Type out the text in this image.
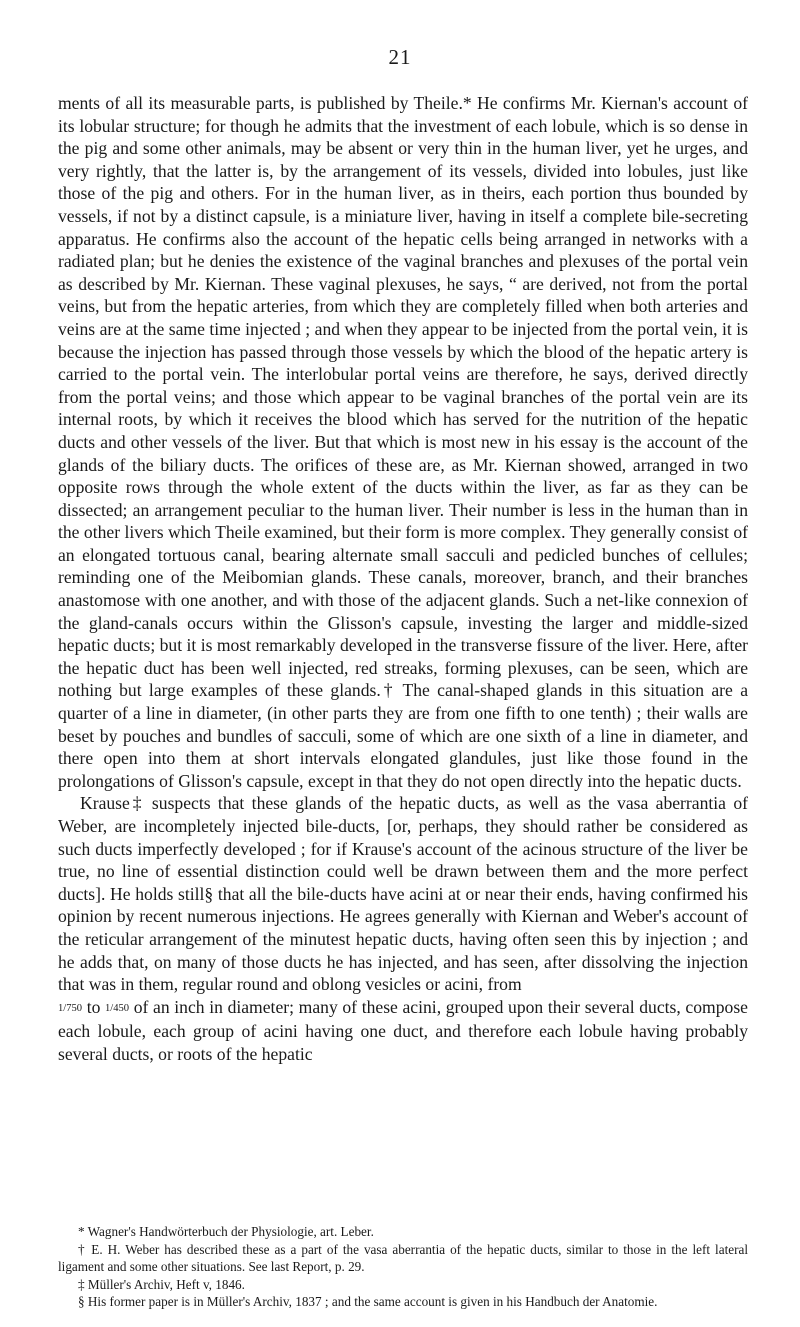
21

ments of all its measurable parts, is published by Theile.* He confirms Mr. Kiernan's account of its lobular structure; for though he admits that the investment of each lobule, which is so dense in the pig and some other animals, may be absent or very thin in the human liver, yet he urges, and very rightly, that the latter is, by the arrangement of its vessels, divided into lobules, just like those of the pig and others. For in the human liver, as in theirs, each portion thus bounded by vessels, if not by a distinct capsule, is a miniature liver, having in itself a complete bile-secreting apparatus. He confirms also the account of the hepatic cells being arranged in networks with a radiated plan; but he denies the existence of the vaginal branches and plexuses of the portal vein as described by Mr. Kiernan. These vaginal plexuses, he says, “ are derived, not from the portal veins, but from the hepatic arteries, from which they are completely filled when both arteries and veins are at the same time injected ; and when they appear to be injected from the portal vein, it is because the injection has passed through those vessels by which the blood of the hepatic artery is carried to the portal vein. The interlobular portal veins are therefore, he says, derived directly from the portal veins; and those which appear to be vaginal branches of the portal vein are its internal roots, by which it receives the blood which has served for the nutrition of the hepatic ducts and other vessels of the liver. But that which is most new in his essay is the account of the glands of the biliary ducts. The orifices of these are, as Mr. Kiernan showed, arranged in two opposite rows through the whole extent of the ducts within the liver, as far as they can be dissected; an arrangement peculiar to the human liver. Their number is less in the human than in the other livers which Theile examined, but their form is more complex. They generally consist of an elongated tortuous canal, bearing alternate small sacculi and pedicled bunches of cellules; reminding one of the Meibomian glands. These canals, moreover, branch, and their branches anastomose with one another, and with those of the adjacent glands. Such a net-like connexion of the gland-canals occurs within the Glisson's capsule, investing the larger and middle-sized hepatic ducts; but it is most remarkably developed in the transverse fissure of the liver. Here, after the hepatic duct has been well injected, red streaks, forming plexuses, can be seen, which are nothing but large examples of these glands.† The canal-shaped glands in this situation are a quarter of a line in diameter, (in other parts they are from one fifth to one tenth) ; their walls are beset by pouches and bundles of sacculi, some of which are one sixth of a line in diameter, and there open into them at short intervals elongated glandules, just like those found in the prolongations of Glisson's capsule, except in that they do not open directly into the hepatic ducts.

Krause‡ suspects that these glands of the hepatic ducts, as well as the vasa aberrantia of Weber, are incompletely injected bile-ducts, [or, perhaps, they should rather be considered as such ducts imperfectly developed ; for if Krause's account of the acinous structure of the liver be true, no line of essential distinction could well be drawn between them and the more perfect ducts]. He holds still§ that all the bile-ducts have acini at or near their ends, having confirmed his opinion by recent numerous injections. He agrees generally with Kiernan and Weber's account of the reticular arrangement of the minutest hepatic ducts, having often seen this by injection ; and he adds that, on many of those ducts he has injected, and has seen, after dissolving the injection that was in them, regular round and oblong vesicles or acini, from

1/750 to 1/450 of an inch in diameter; many of these acini, grouped upon their several ducts, compose each lobule, each group of acini having one duct, and therefore each lobule having probably several ducts, or roots of the hepatic

* Wagner's Handwörterbuch der Physiologie, art. Leber.

† E. H. Weber has described these as a part of the vasa aberrantia of the hepatic ducts, similar to those in the left lateral ligament and some other situations. See last Report, p. 29.

‡ Müller's Archiv, Heft v, 1846.

§ His former paper is in Müller's Archiv, 1837 ; and the same account is given in his Handbuch der Anatomie.
